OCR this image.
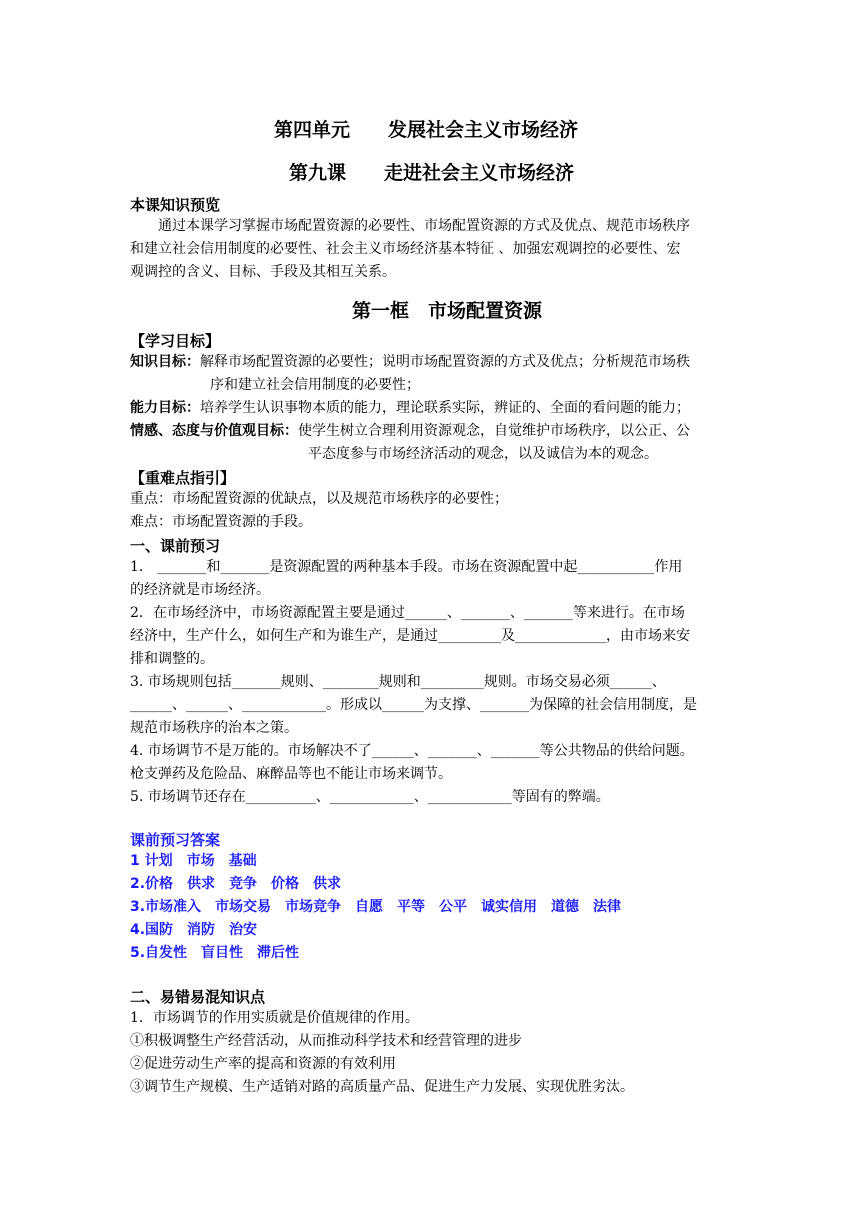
第四单元　　发展社会主义市场经济
第九课　　走进社会主义市场经济
本课知识预览
　　通过本课学习掌握市场配置资源的必要性、市场配置资源的方式及优点、规范市场秩序
和建立社会信用制度的必要性、社会主义市场经济基本特征 、加强宏观调控的必要性、宏
观调控的含义、目标、手段及其相互关系。
第一框　市场配置资源
【学习目标】
知识目标：解释市场配置资源的必要性；说明市场配置资源的方式及优点；分析规范市场秩
序和建立社会信用制度的必要性；
能力目标：培养学生认识事物本质的能力，理论联系实际，辨证的、全面的看问题的能力；
情感、态度与价值观目标：使学生树立合理利用资源观念，自觉维护市场秩序，以公正、公
平态度参与市场经济活动的观念，以及诚信为本的观念。
【重难点指引】
重点：市场配置资源的优缺点，以及规范市场秩序的必要性；
难点：市场配置资源的手段。
一、课前预习
1． _______和_______是资源配置的两种基本手段。市场在资源配置中起___________作用
的经济就是市场经济。
2．在市场经济中，市场资源配置主要是通过______、_______、_______等来进行。在市场
经济中，生产什么，如何生产和为谁生产，是通过_________及_____________，由市场来安
排和调整的。
3. 市场规则包括_______规则、________规则和_________规则。市场交易必须______、
______、______、____________。形成以______为支撑、_______为保障的社会信用制度，是
规范市场秩序的治本之策。
4. 市场调节不是万能的。市场解决不了______、_______、_______等公共物品的供给问题。
枪支弹药及危险品、麻醉品等也不能让市场来调节。
5. 市场调节还存在__________、____________、____________等固有的弊端。
课前预习答案
1 计划　市场　基础
2.价格　供求　竞争　价格　供求
3.市场准入　市场交易　市场竞争　自愿　平等　公平　诚实信用　道德　法律
4.国防　消防　治安
5.自发性　盲目性　滞后性
二、易错易混知识点
1．市场调节的作用实质就是价值规律的作用。
①积极调整生产经营活动，从而推动科学技术和经营管理的进步
②促进劳动生产率的提高和资源的有效利用
③调节生产规模、生产适销对路的高质量产品、促进生产力发展、实现优胜劣汰。
